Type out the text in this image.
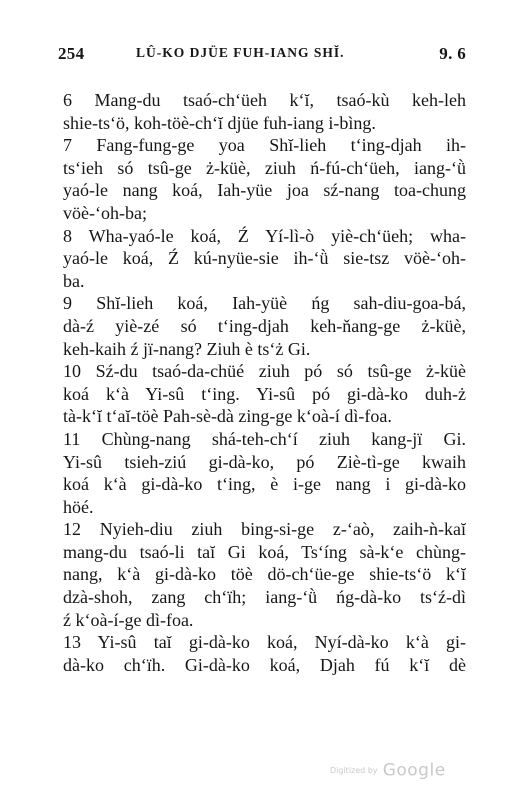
254	LÛ-KO DJÜE FUH-IANG SHĬ.	9. 6
6 Mang-du tsaó-ch‘üeh k‘ĭ, tsaó-kù keh-leh
shie-ts‘ö, koh-töè-ch‘ĭ djüe fuh-iang i-bìng.
7 Fang-fung-ge yoa Shĭ-lieh t‘ing-djah ih-
ts‘ieh só tsû-ge ż-küè, ziuh ń-fú-ch‘üeh, iang-‘ǜ
yaó-le nang koá, Iah-yüe joa sź-nang toa-chung
vöè-‘oh-ba;
8 Wha-yaó-le koá, Ź Yí-lì-ò yiè-ch‘üeh; wha-
yaó-le koá, Ź kú-nyüe-sie ih-‘ǜ sie-tsz vöè-‘oh-
ba.
9 Shĭ-lieh koá, Iah-yüè ńg sah-diu-goa-bá,
dà-ź yiè-zé só t‘ing-djah keh-ňang-ge ż-küè,
keh-kaih ź jï-nang? Ziuh è ts‘ż Gi.
10 Sź-du tsaó-da-chüé ziuh pó só tsû-ge ż-küè
koá k‘à Yi-sû t‘ing. Yi-sû pó gi-dà-ko duh-ż
tà-k‘ĭ t‘aĭ-töè Pah-sè-dà zing-ge k‘oà-í dì-foa.
11 Chùng-nang shá-teh-ch‘í ziuh kang-jï Gi.
Yi-sû tsieh-ziú gi-dà-ko, pó Ziè-tì-ge kwaih
koá k‘à gi-dà-ko t‘ing, è i-ge nang i gi-dà-ko
höé.
12 Nyieh-diu ziuh bing-si-ge z-‘aò, zaih-ǹ-kaĭ
mang-du tsaó-li taĭ Gi koá, Ts‘íng sà-k‘e chùng-
nang, k‘à gi-dà-ko töè dö-ch‘üe-ge shie-ts‘ö k‘ĭ
dzà-shoh, zang ch‘ïh; iang-‘ǜ ńg-dà-ko ts‘ź-dì
ź k‘oà-í-ge dì-foa.
13 Yi-sû taĭ gi-dà-ko koá, Nyí-dà-ko k‘à gi-
dà-ko ch‘ïh. Gi-dà-ko koá, Djah fú k‘ĭ dè
Digitized by Google
